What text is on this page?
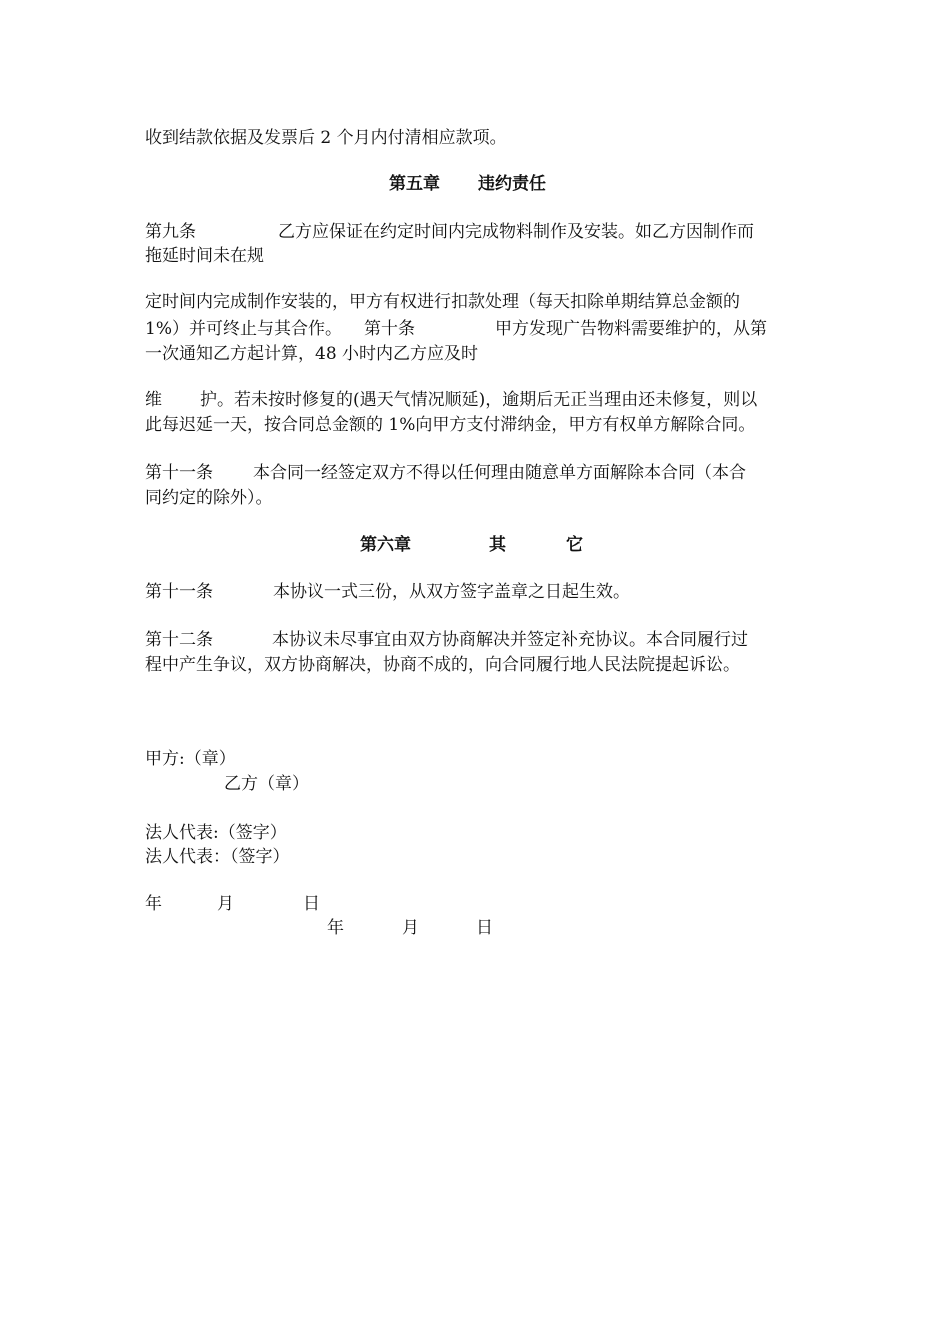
收到结款依据及发票后 2 个月内付清相应款项。
第五章 违约责任
第九条	乙方应保证在约定时间内完成物料制作及安装。如乙方因制作而
拖延时间未在规
定时间内完成制作安装的，甲方有权进行扣款处理（每天扣除单期结算总金额的
1%）并可终止与其合作。 第十条	甲方发现广告物料需要维护的，从第
一次通知乙方起计算，48 小时内乙方应及时
维 护。若未按时修复的(遇天气情况顺延)，逾期后无正当理由还未修复，则以
此每迟延一天，按合同总金额的 1%向甲方支付滞纳金，甲方有权单方解除合同。
第十一条 本合同一经签定双方不得以任何理由随意单方面解除本合同（本合
同约定的除外）。
第六章	其	它
第十一条	本协议一式三份，从双方签字盖章之日起生效。
第十二条	本协议未尽事宜由双方协商解决并签定补充协议。本合同履行过
程中产生争议，双方协商解决，协商不成的，向合同履行地人民法院提起诉讼。
甲方:（章）
乙方（章）
法人代表:（签字）
法人代表：（签字）
年	月	日
年	月	日
